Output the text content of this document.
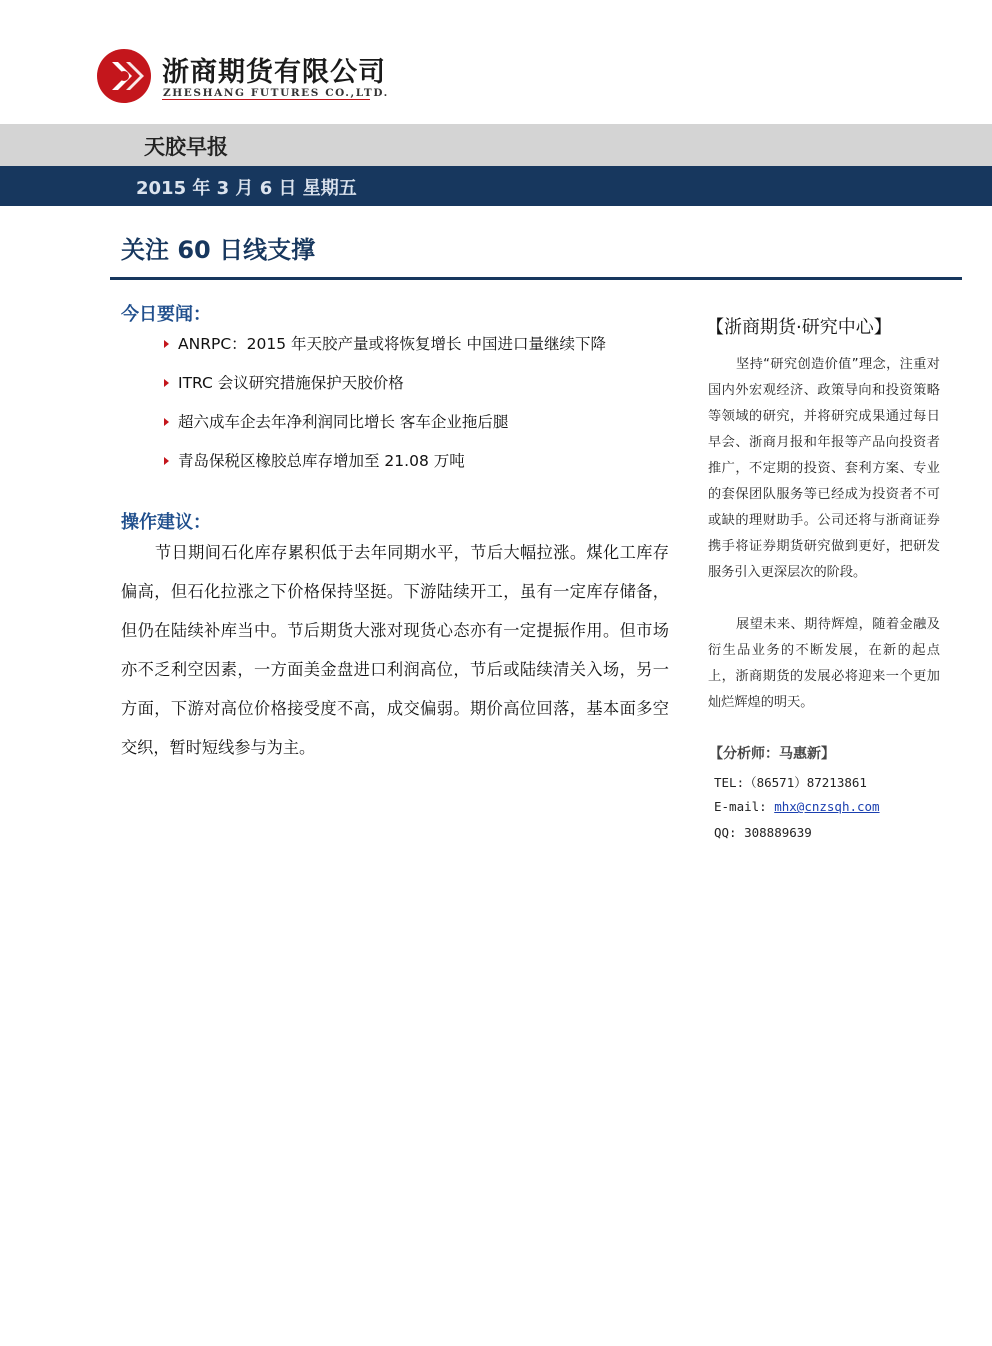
浙商期货有限公司
ZHESHANG FUTURES CO.,LTD.
天胶早报
2015 年 3 月 6 日 星期五
关注 60 日线支撑
今日要闻：
ANRPC：2015 年天胶产量或将恢复增长 中国进口量继续下降
ITRC 会议研究措施保护天胶价格
超六成车企去年净利润同比增长 客车企业拖后腿
青岛保税区橡胶总库存增加至 21.08 万吨
操作建议：

节日期间石化库存累积低于去年同期水平，节后大幅拉涨。煤化工库存偏高，但石化拉涨之下价格保持坚挺。下游陆续开工，虽有一定库存储备，但仍在陆续补库当中。节后期货大涨对现货心态亦有一定提振作用。但市场亦不乏利空因素，一方面美金盘进口利润高位，节后或陆续清关入场，另一方面，下游对高位价格接受度不高，成交偏弱。期价高位回落，基本面多空交织，暂时短线参与为主。

【浙商期货·研究中心】

坚持“研究创造价值”理念，注重对国内外宏观经济、政策导向和投资策略等领域的研究，并将研究成果通过每日早会、浙商月报和年报等产品向投资者推广，不定期的投资、套利方案、专业的套保团队服务等已经成为投资者不可或缺的理财助手。公司还将与浙商证券携手将证券期货研究做到更好，把研发服务引入更深层次的阶段。

展望未来、期待辉煌，随着金融及衍生品业务的不断发展，在新的起点上，浙商期货的发展必将迎来一个更加灿烂辉煌的明天。

【分析师：马惠新】
TEL:（86571）87213861
E-mail: mhx@cnzsqh.com
QQ: 308889639
